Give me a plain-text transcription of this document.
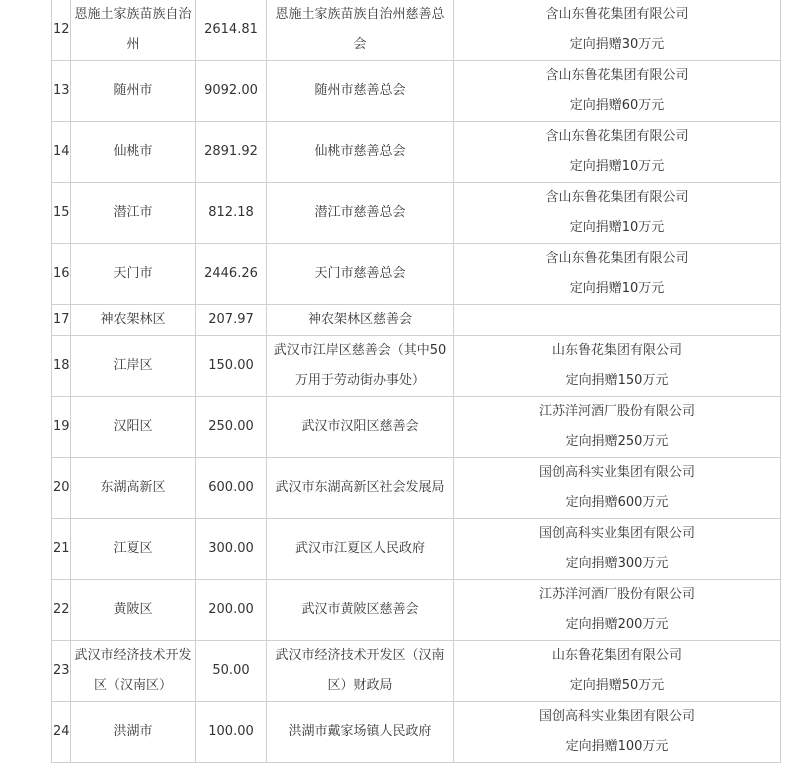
12	恩施土家族苗族自治州	2614.81	恩施土家族苗族自治州慈善总会	含山东鲁花集团有限公司
定向捐赠30万元

13	随州市	9092.00	随州市慈善总会	含山东鲁花集团有限公司
定向捐赠60万元

14	仙桃市	2891.92	仙桃市慈善总会	含山东鲁花集团有限公司
定向捐赠10万元

15	潜江市	812.18	潜江市慈善总会	含山东鲁花集团有限公司
定向捐赠10万元

16	天门市	2446.26	天门市慈善总会	含山东鲁花集团有限公司
定向捐赠10万元

17	神农架林区	207.97	神农架林区慈善会	

18	江岸区	150.00	武汉市江岸区慈善会（其中50万用于劳动街办事处）	山东鲁花集团有限公司
定向捐赠150万元

19	汉阳区	250.00	武汉市汉阳区慈善会	江苏洋河酒厂股份有限公司
定向捐赠250万元

20	东湖高新区	600.00	武汉市东湖高新区社会发展局	国创高科实业集团有限公司
定向捐赠600万元

21	江夏区	300.00	武汉市江夏区人民政府	国创高科实业集团有限公司
定向捐赠300万元

22	黄陂区	200.00	武汉市黄陂区慈善会	江苏洋河酒厂股份有限公司
定向捐赠200万元

23	武汉市经济技术开发区（汉南区）	50.00	武汉市经济技术开发区（汉南区）财政局	山东鲁花集团有限公司
定向捐赠50万元

24	洪湖市	100.00	洪湖市戴家场镇人民政府	国创高科实业集团有限公司
定向捐赠100万元
